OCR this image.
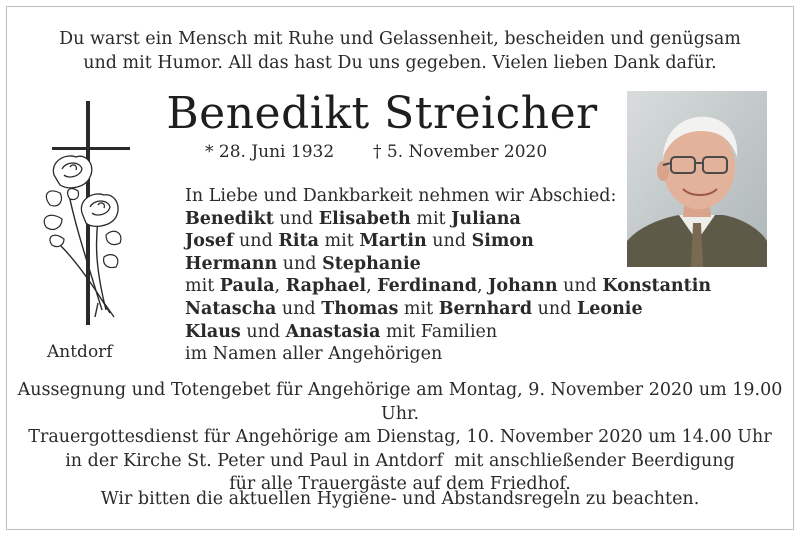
Du warst ein Mensch mit Ruhe und Gelassenheit, bescheiden und genügsam
und mit Humor. All das hast Du uns gegeben. Vielen lieben Dank dafür.
Benedikt Streicher
* 28. Juni 1932 † 5. November 2020
Antdorf
In Liebe und Dankbarkeit nehmen wir Abschied:
Benedikt und Elisabeth mit Juliana
Josef und Rita mit Martin und Simon
Hermann und Stephanie
mit Paula, Raphael, Ferdinand, Johann und Konstantin
Natascha und Thomas mit Bernhard und Leonie
Klaus und Anastasia mit Familien
im Namen aller Angehörigen
Aussegnung und Totengebet für Angehörige am Montag, 9. November 2020 um 19.00 Uhr.
Trauergottesdienst für Angehörige am Dienstag, 10. November 2020 um 14.00 Uhr
in der Kirche St. Peter und Paul in Antdorf  mit anschließender Beerdigung
für alle Trauergäste auf dem Friedhof.
Wir bitten die aktuellen Hygiene- und Abstandsregeln zu beachten.
